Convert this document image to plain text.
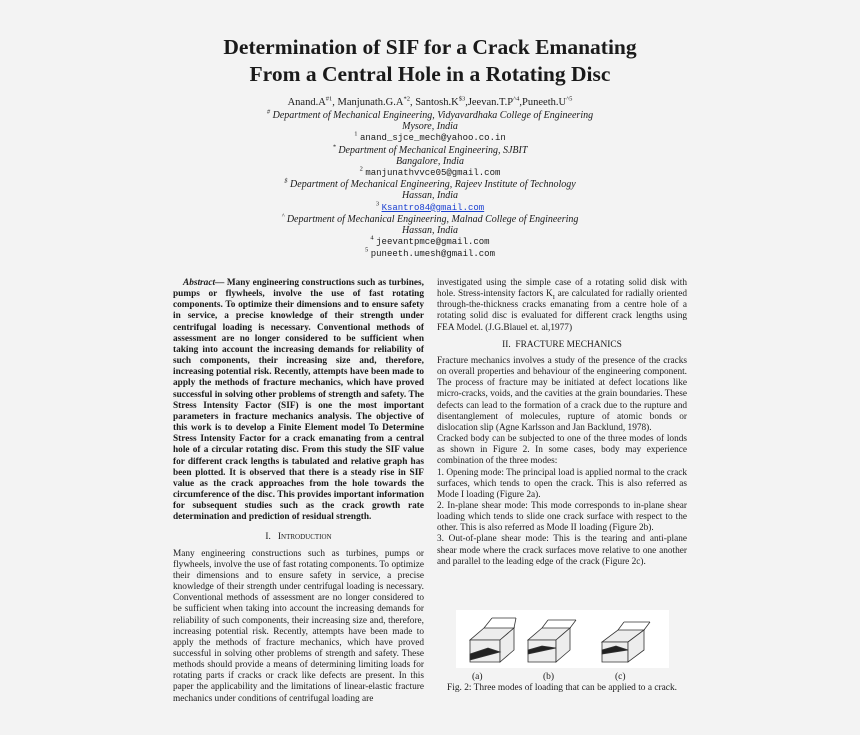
Determination of SIF for a Crack Emanating
From a Central Hole in a Rotating Disc
$Anand.A^{\#1}$, $Manjunath.G.A^{*2}$, $Santosh.K^{\$3},Jeevan.T.P^{\^{}4},Puneeth.U^{\^{}5}$
# Department of Mechanical Engineering, Vidyavardhaka College of Engineering
Mysore, India
$^1$ anand_sjce_mech@yahoo.co.in
* Department of Mechanical Engineering, SJBIT
Bangalore, India
$^2$ manjunathvvce05@gmail.com
$ Department of Mechanical Engineering, Rajeev Institute of Technology
Hassan, India
$^3$ Ksantro84@gmail.com
^ Department of Mechanical Engineering, Malnad College of Engineering
Hassan, India
$^4$ jeevantpmce@gmail.com
$^5$ puneeth.umesh@gmail.com

Abstract— Many engineering constructions such as turbines, pumps or flywheels, involve the use of fast rotating components. To optimize their dimensions and to ensure safety in service, a precise knowledge of their strength under centrifugal loading is necessary. Conventional methods of assessment are no longer considered to be sufficient when taking into account the increasing demands for reliability of such components, their increasing size and, therefore, increasing potential risk. Recently, attempts have been made to apply the methods of fracture mechanics, which have proved successful in solving other problems of strength and safety. The Stress Intensity Factor (SIF) is one the most important parameters in fracture mechanics analysis. The objective of this work is to develop a Finite Element model To Determine Stress Intensity Factor for a crack emanating from a central hole of a circular rotating disc. From this study the SIF value for different crack lengths is tabulated and relative graph has been plotted. It is observed that there is a steady rise in SIF value as the crack approaches from the hole towards the circumference of the disc. This provides important information for subsequent studies such as the crack growth rate determination and prediction of residual strength.

I. Introduction

Many engineering constructions such as turbines, pumps or flywheels, involve the use of fast rotating components. To optimize their dimensions and to ensure safety in service, a precise knowledge of their strength under centrifugal loading is necessary. Conventional methods of assessment are no longer considered to be sufficient when taking into account the increasing demands for reliability of such components, their increasing size and, therefore, increasing potential risk. Recently, attempts have been made to apply the methods of fracture mechanics, which have proved successful in solving other problems of strength and safety. These methods should provide a means of determining limiting loads for rotating parts if cracks or crack like defects are present. In this paper the applicability and the limitations of linear-elastic fracture mechanics under conditions of centrifugal loading are

investigated using the simple case of a rotating solid disk with hole. Stress-intensity factors $K_I$ are calculated for radially oriented through-the-thickness cracks emanating from a centre hole of a rotating solid disc is evaluated for different crack lengths using FEA Model. (J.G.Blauel et. al,1977)

II. FRACTURE MECHANICS

Fracture mechanics involves a study of the presence of the cracks on overall properties and behaviour of the engineering component. The process of fracture may be initiated at defect locations like micro-cracks, voids, and the cavities at the grain boundaries. These defects can lead to the formation of a crack due to the rupture and disentanglement of molecules, rupture of atomic bonds or dislocation slip (Agne Karlsson and Jan Backlund, 1978).

Cracked body can be subjected to one of the three modes of londs as shown in Figure 2. In some cases, body may experience combination of the three modes:

1. Opening mode: The principal load is applied normal to the crack surfaces, which tends to open the crack. This is also referred as Mode I loading (Figure 2a).

2. In-plane shear mode: This mode corresponds to in-plane shear loading which tends to slide one crack surface with respect to the other. This is also referred as Mode II loading (Figure 2b).

3. Out-of-plane shear mode: This is the tearing and anti-plane shear mode where the crack surfaces move relative to one another and parallel to the leading edge of the crack (Figure 2c).

(a)	(b)	(c)
Fig. 2: Three modes of loading that can be applied to a crack.
